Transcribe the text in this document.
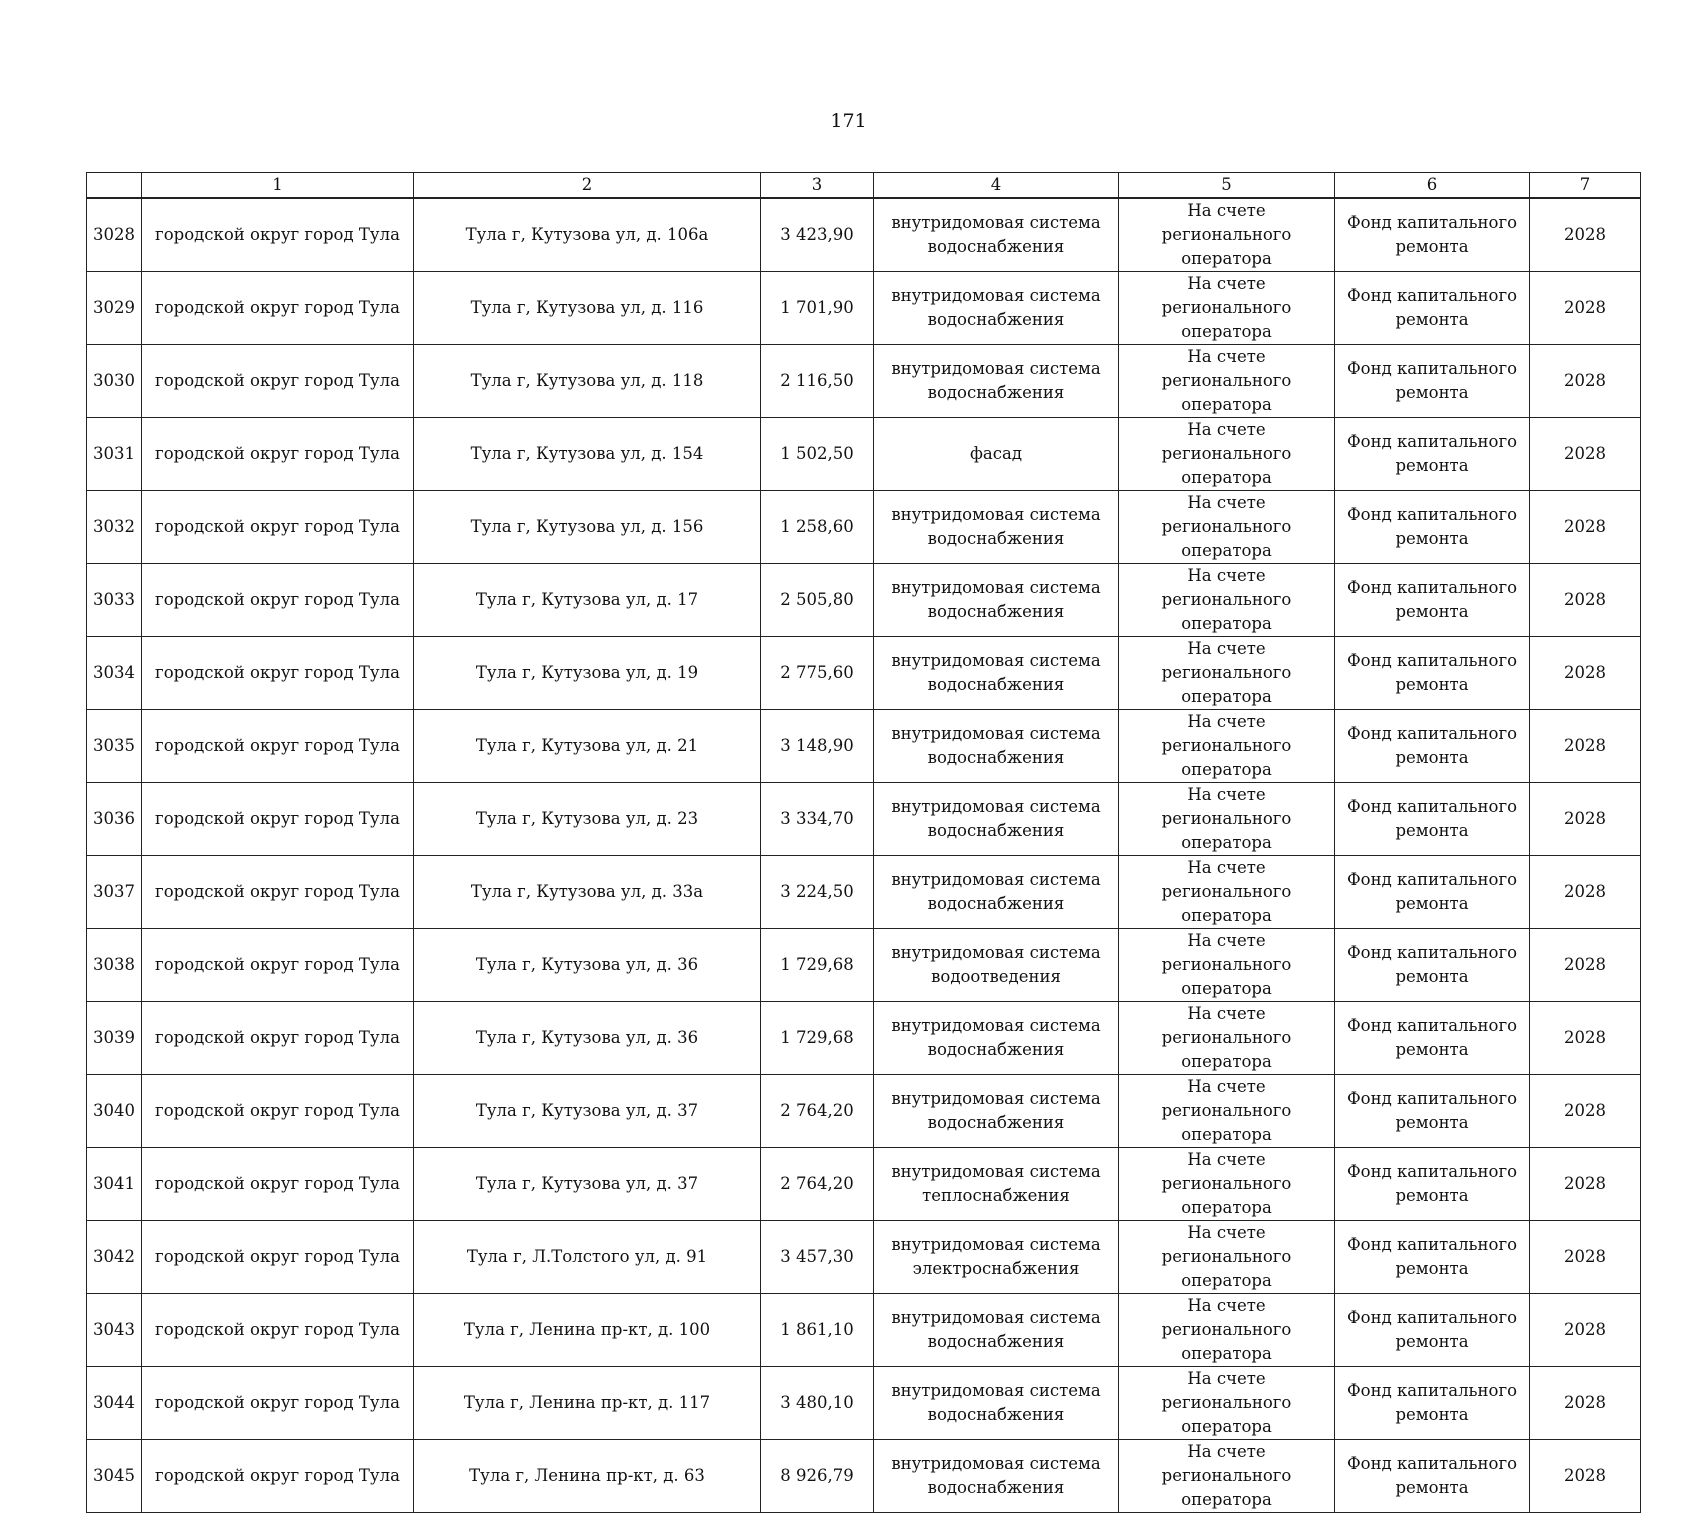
171
	1	2	3	4	5	6	7
3028	городской округ город Тула	Тула г, Кутузова ул, д. 106а	3 423,90	внутридомовая система водоснабжения	На счете регионального оператора	Фонд капитального ремонта	2028
3029	городской округ город Тула	Тула г, Кутузова ул, д. 116	1 701,90	внутридомовая система водоснабжения	На счете регионального оператора	Фонд капитального ремонта	2028
3030	городской округ город Тула	Тула г, Кутузова ул, д. 118	2 116,50	внутридомовая система водоснабжения	На счете регионального оператора	Фонд капитального ремонта	2028
3031	городской округ город Тула	Тула г, Кутузова ул, д. 154	1 502,50	фасад	На счете регионального оператора	Фонд капитального ремонта	2028
3032	городской округ город Тула	Тула г, Кутузова ул, д. 156	1 258,60	внутридомовая система водоснабжения	На счете регионального оператора	Фонд капитального ремонта	2028
3033	городской округ город Тула	Тула г, Кутузова ул, д. 17	2 505,80	внутридомовая система водоснабжения	На счете регионального оператора	Фонд капитального ремонта	2028
3034	городской округ город Тула	Тула г, Кутузова ул, д. 19	2 775,60	внутридомовая система водоснабжения	На счете регионального оператора	Фонд капитального ремонта	2028
3035	городской округ город Тула	Тула г, Кутузова ул, д. 21	3 148,90	внутридомовая система водоснабжения	На счете регионального оператора	Фонд капитального ремонта	2028
3036	городской округ город Тула	Тула г, Кутузова ул, д. 23	3 334,70	внутридомовая система водоснабжения	На счете регионального оператора	Фонд капитального ремонта	2028
3037	городской округ город Тула	Тула г, Кутузова ул, д. 33а	3 224,50	внутридомовая система водоснабжения	На счете регионального оператора	Фонд капитального ремонта	2028
3038	городской округ город Тула	Тула г, Кутузова ул, д. 36	1 729,68	внутридомовая система водоотведения	На счете регионального оператора	Фонд капитального ремонта	2028
3039	городской округ город Тула	Тула г, Кутузова ул, д. 36	1 729,68	внутридомовая система водоснабжения	На счете регионального оператора	Фонд капитального ремонта	2028
3040	городской округ город Тула	Тула г, Кутузова ул, д. 37	2 764,20	внутридомовая система водоснабжения	На счете регионального оператора	Фонд капитального ремонта	2028
3041	городской округ город Тула	Тула г, Кутузова ул, д. 37	2 764,20	внутридомовая система теплоснабжения	На счете регионального оператора	Фонд капитального ремонта	2028
3042	городской округ город Тула	Тула г, Л.Толстого ул, д. 91	3 457,30	внутридомовая система электроснабжения	На счете регионального оператора	Фонд капитального ремонта	2028
3043	городской округ город Тула	Тула г, Ленина пр-кт, д. 100	1 861,10	внутридомовая система водоснабжения	На счете регионального оператора	Фонд капитального ремонта	2028
3044	городской округ город Тула	Тула г, Ленина пр-кт, д. 117	3 480,10	внутридомовая система водоснабжения	На счете регионального оператора	Фонд капитального ремонта	2028
3045	городской округ город Тула	Тула г, Ленина пр-кт, д. 63	8 926,79	внутридомовая система водоснабжения	На счете регионального оператора	Фонд капитального ремонта	2028
